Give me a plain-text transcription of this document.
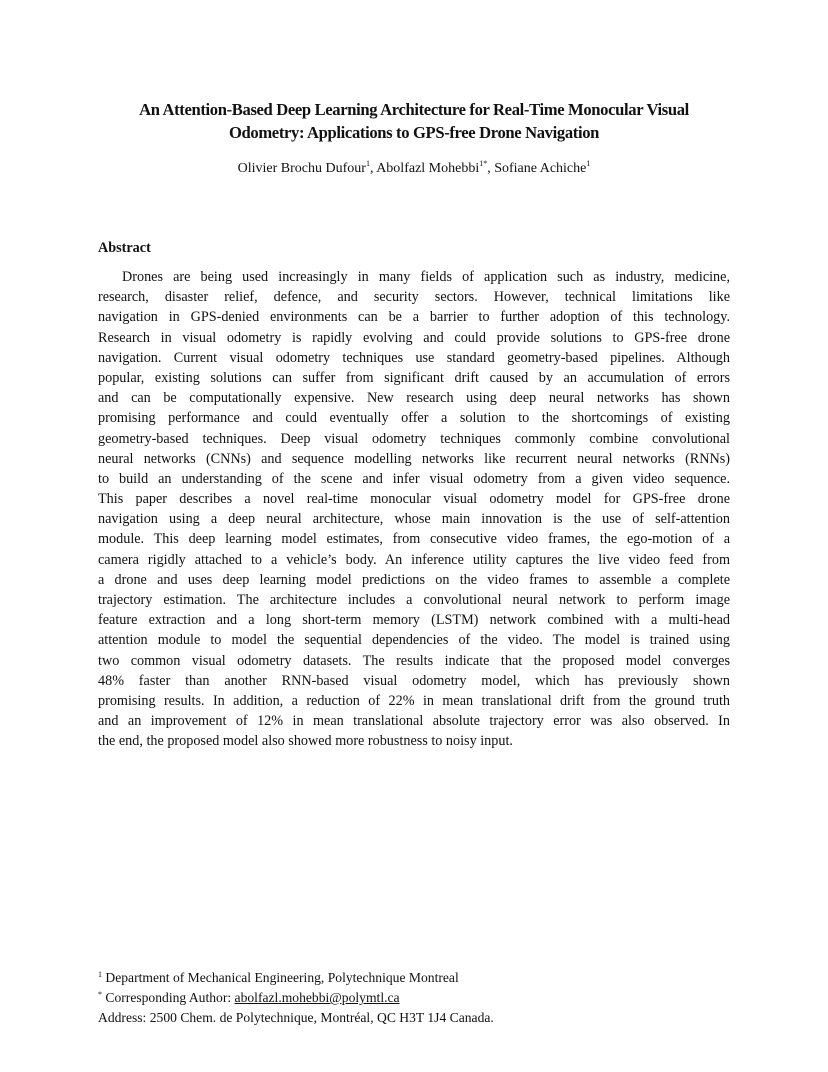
An Attention-Based Deep Learning Architecture for Real-Time Monocular Visual
Odometry: Applications to GPS-free Drone Navigation
Olivier Brochu Dufour$^1$, Abolfazl Mohebbi$^{1*}$, Sofiane Achiche$^1$
Abstract
Drones are being used increasingly in many fields of application such as industry, medicine,
research, disaster relief, defence, and security sectors. However, technical limitations like
navigation in GPS-denied environments can be a barrier to further adoption of this technology.
Research in visual odometry is rapidly evolving and could provide solutions to GPS-free drone
navigation. Current visual odometry techniques use standard geometry-based pipelines. Although
popular, existing solutions can suffer from significant drift caused by an accumulation of errors
and can be computationally expensive. New research using deep neural networks has shown
promising performance and could eventually offer a solution to the shortcomings of existing
geometry-based techniques. Deep visual odometry techniques commonly combine convolutional
neural networks (CNNs) and sequence modelling networks like recurrent neural networks (RNNs)
to build an understanding of the scene and infer visual odometry from a given video sequence.
This paper describes a novel real-time monocular visual odometry model for GPS-free drone
navigation using a deep neural architecture, whose main innovation is the use of self-attention
module. This deep learning model estimates, from consecutive video frames, the ego-motion of a
camera rigidly attached to a vehicle’s body. An inference utility captures the live video feed from
a drone and uses deep learning model predictions on the video frames to assemble a complete
trajectory estimation. The architecture includes a convolutional neural network to perform image
feature extraction and a long short-term memory (LSTM) network combined with a multi-head
attention module to model the sequential dependencies of the video. The model is trained using
two common visual odometry datasets. The results indicate that the proposed model converges
48% faster than another RNN-based visual odometry model, which has previously shown
promising results. In addition, a reduction of 22% in mean translational drift from the ground truth
and an improvement of 12% in mean translational absolute trajectory error was also observed. In
the end, the proposed model also showed more robustness to noisy input.
$^1$ Department of Mechanical Engineering, Polytechnique Montreal
* Corresponding Author: abolfazl.mohebbi@polymtl.ca
Address: 2500 Chem. de Polytechnique, Montréal, QC H3T 1J4 Canada.
